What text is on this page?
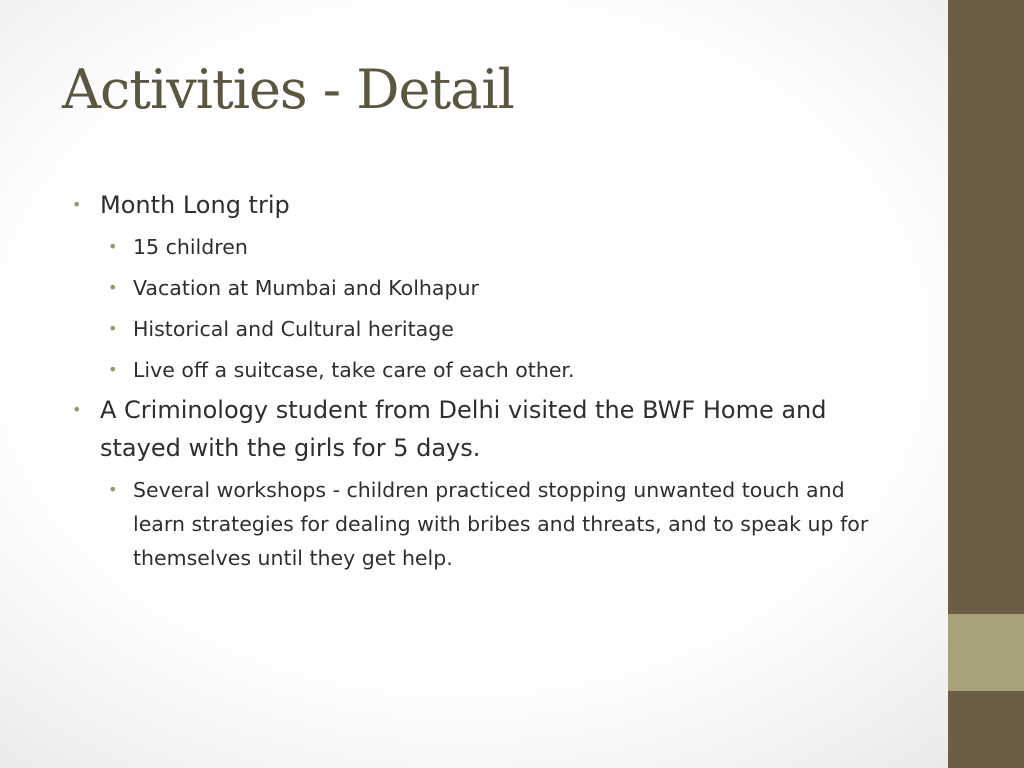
Activities - Detail
• Month Long trip
• 15 children
• Vacation at Mumbai and Kolhapur
• Historical and Cultural heritage
• Live off a suitcase, take care of each other.
• A Criminology student from Delhi visited the BWF Home and stayed with the girls for 5 days.
• Several workshops - children practiced stopping unwanted touch and learn strategies for dealing with bribes and threats, and to speak up for themselves until they get help.
